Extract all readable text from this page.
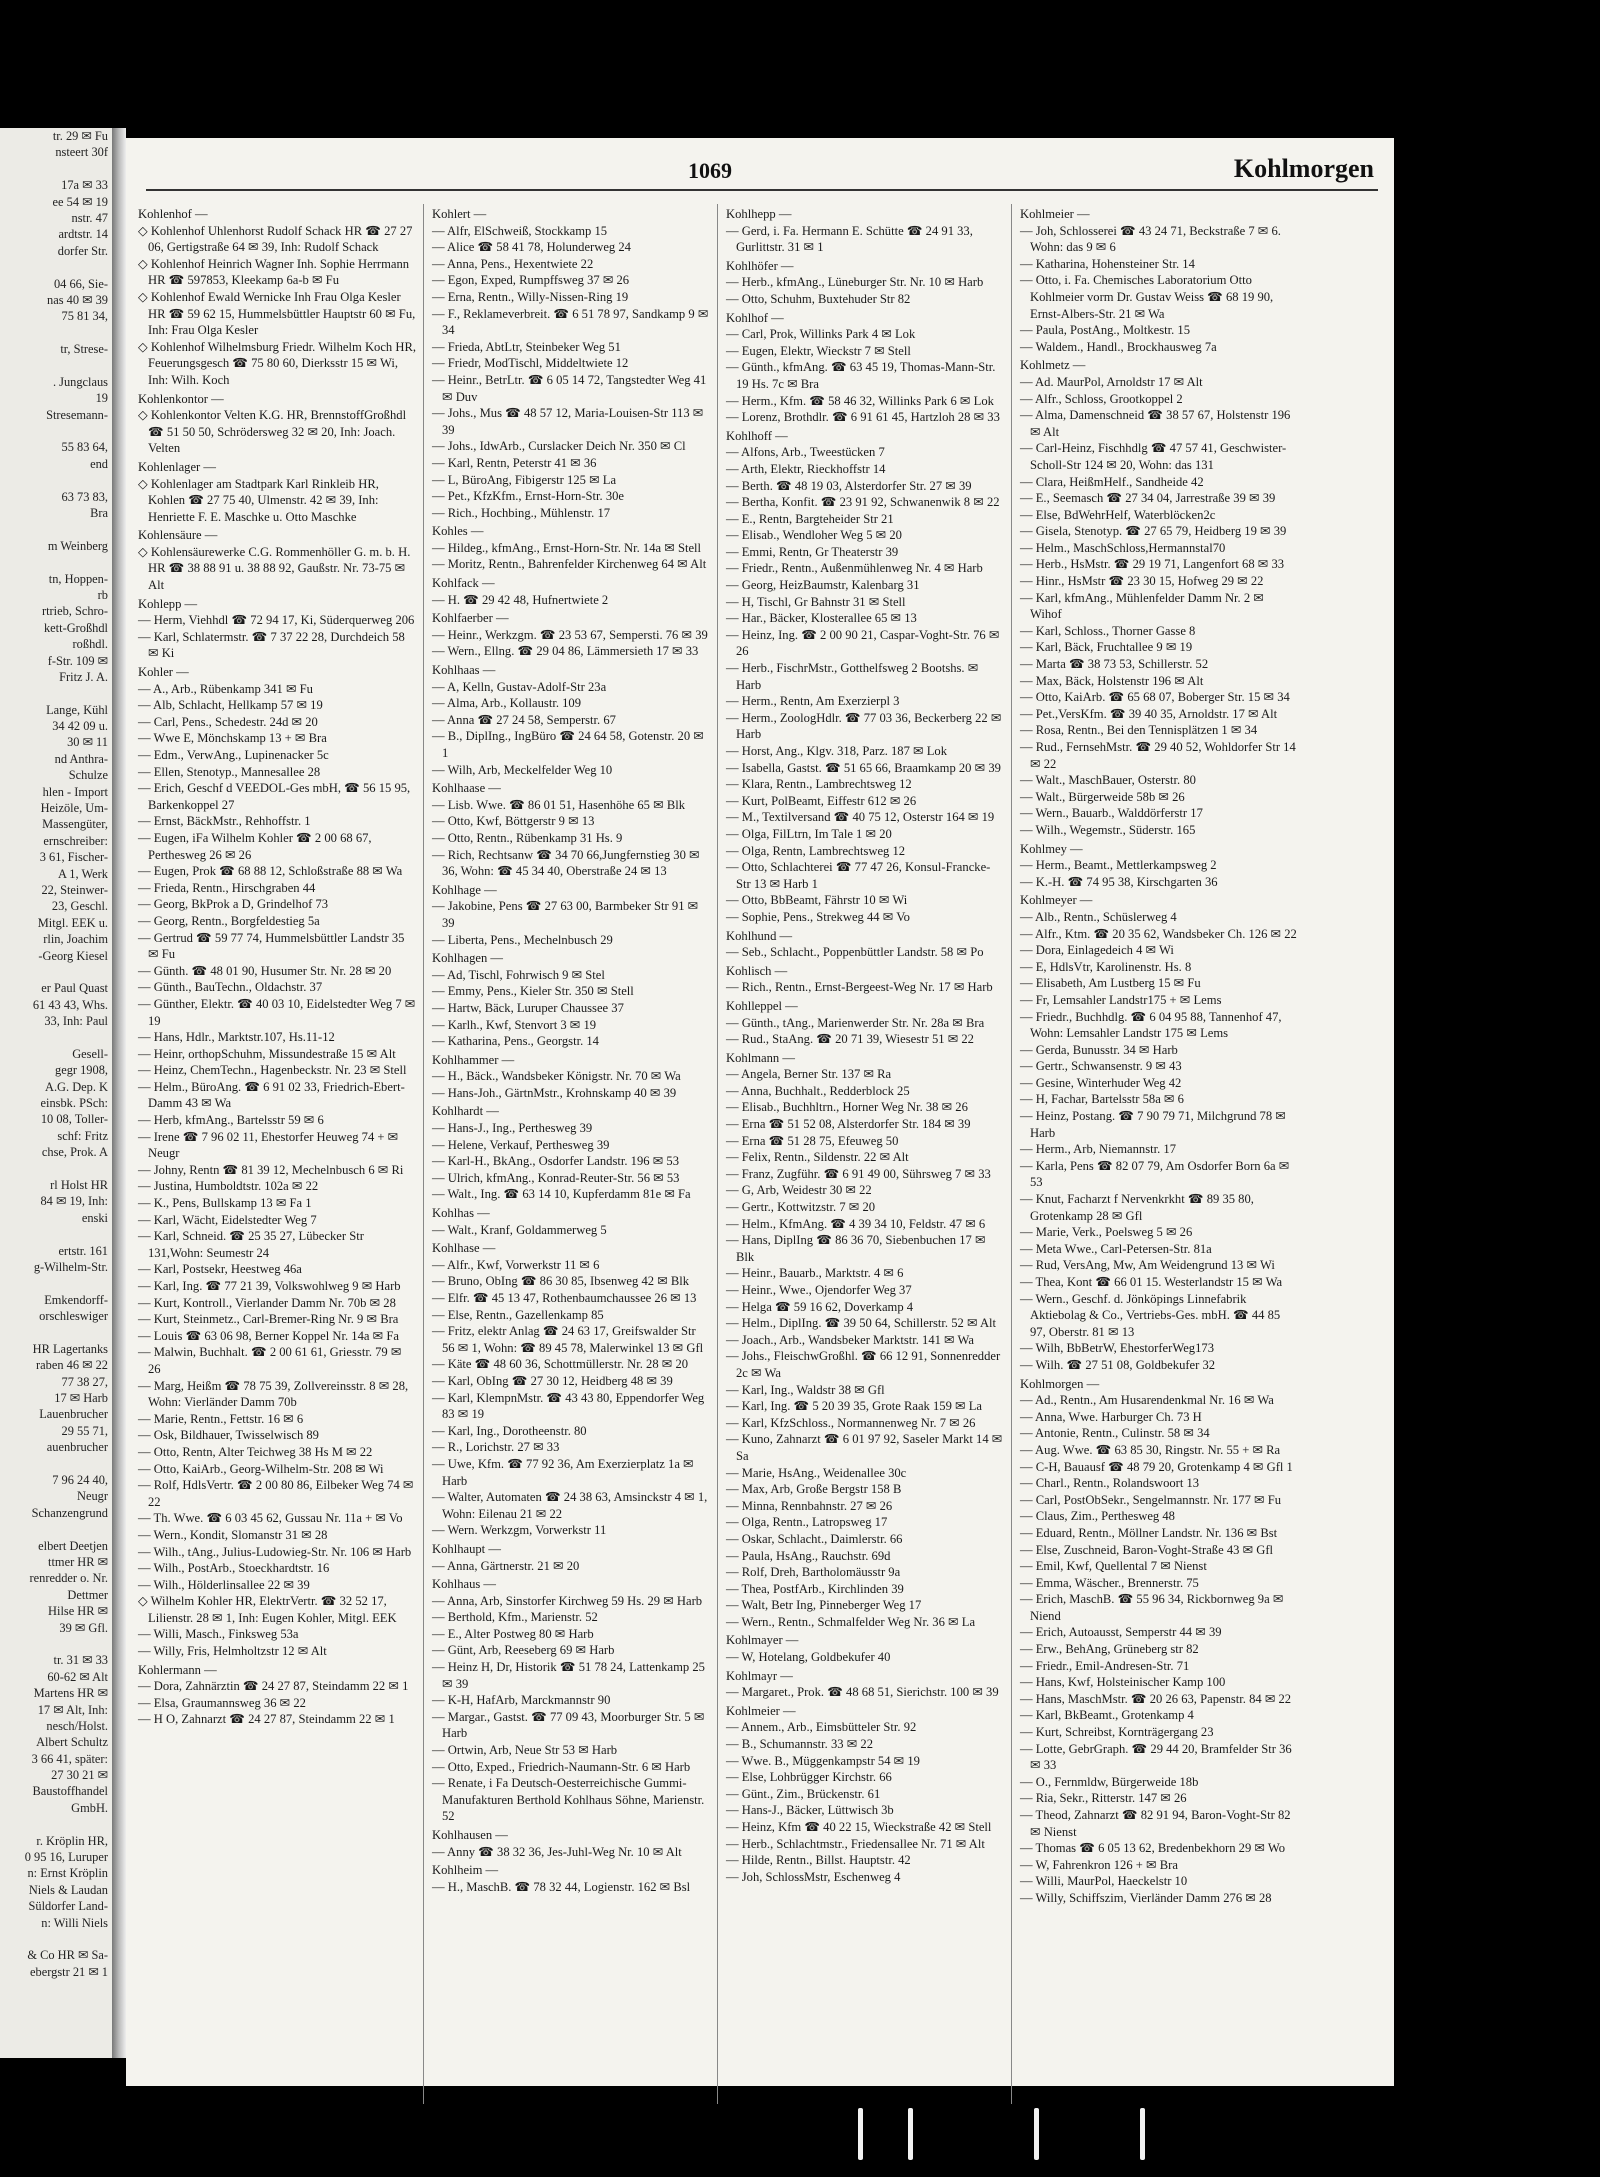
tr. 29 ✉ Fu
nsteert 30f
17a ✉ 33
ee 54 ✉ 19
nstr. 47
ardtstr. 14
dorfer Str.
04 66, Sie-
nas 40 ✉ 39
75 81 34,
tr, Strese-
. Jungclaus
19
Stresemann-
55 83 64,
end
63 73 83,
Bra
m Weinberg
tn, Hoppen-
rb
rtrieb, Schro-
kett-Großhdl
roßhdl.
f-Str. 109 ✉
Fritz J. A.
Lange, Kühl
34 42 09 u.
30 ✉ 11
nd Anthra-
Schulze
hlen - Import
Heizöle, Um-
Massengüter,
ernschreiber:
3 61, Fischer-
A 1, Werk
22, Steinwer-
23, Geschl.
Mitgl. EEK u.
rlin, Joachim
-Georg Kiesel
er Paul Quast
61 43 43, Whs.
33, Inh: Paul
Gesell-
gegr 1908,
A.G. Dep. K
einsbk. PSch:
10 08, Toller-
schf: Fritz
chse, Prok. A
rl Holst HR
84 ✉ 19, Inh:
enski
ertstr. 161
g-Wilhelm-Str.
Emkendorff-
orschleswiger
HR Lagertanks
raben 46 ✉ 22
77 38 27,
17 ✉ Harb
Lauenbrucher
29 55 71,
auenbrucher
7 96 24 40,
Neugr
Schanzengrund
elbert Deetjen
ttmer HR ✉
renredder o. Nr.
Dettmer
Hilse HR ✉
39 ✉ Gfl.
tr. 31 ✉ 33
60-62 ✉ Alt
Martens HR ✉
17 ✉ Alt, Inh:
nesch/Holst.
Albert Schultz
3 66 41, später:
27 30 21 ✉
Baustoffhandel
GmbH.
r. Kröplin HR,
0 95 16, Luruper
n: Ernst Kröplin
Niels & Laudan
Süldorfer Land-
n: Willi Niels
& Co HR ✉ Sa-
ebergstr 21 ✉ 1
1069	Kohlmorgen

Kohlenhof —

◇ Kohlenhof Uhlenhorst Rudolf Schack HR ☎ 27 27 06, Gertigstraße 64 ✉ 39, Inh: Rudolf Schack

◇ Kohlenhof Heinrich Wagner Inh. Sophie Herrmann HR ☎ 597853, Kleekamp 6a-b ✉ Fu

◇ Kohlenhof Ewald Wernicke Inh Frau Olga Kesler HR ☎ 59 62 15, Hummelsbüttler Hauptstr 60 ✉ Fu, Inh: Frau Olga Kesler

◇ Kohlenhof Wilhelmsburg Friedr. Wilhelm Koch HR, Feuerungsgesch ☎ 75 80 60, Dierksstr 15 ✉ Wi, Inh: Wilh. Koch

Kohlenkontor —

◇ Kohlenkontor Velten K.G. HR, BrennstoffGroßhdl ☎ 51 50 50, Schrödersweg 32 ✉ 20, Inh: Joach. Velten

Kohlenlager —

◇ Kohlenlager am Stadtpark Karl Rinkleib HR, Kohlen ☎ 27 75 40, Ulmenstr. 42 ✉ 39, Inh: Henriette F. E. Maschke u. Otto Maschke

Kohlensäure —

◇ Kohlensäurewerke C.G. Rommenhöller G. m. b. H. HR ☎ 38 88 91 u. 38 88 92, Gaußstr. Nr. 73-75 ✉ Alt

Kohlepp —

— Herm, Viehhdl ☎ 72 94 17, Ki, Süderquerweg 206

— Karl, Schlatermstr. ☎ 7 37 22 28, Durchdeich 58 ✉ Ki

Kohler —

— A., Arb., Rübenkamp 341 ✉ Fu

— Alb, Schlacht, Hellkamp 57 ✉ 19

— Carl, Pens., Schedestr. 24d ✉ 20

— Wwe E, Mönchskamp 13 + ✉ Bra

— Edm., VerwAng., Lupinenacker 5c

— Ellen, Stenotyp., Mannesallee 28

— Erich, Geschf d VEEDOL-Ges mbH, ☎ 56 15 95, Barkenkoppel 27

— Ernst, BäckMstr., Rehhoffstr. 1

— Eugen, iFa Wilhelm Kohler ☎ 2 00 68 67, Perthesweg 26 ✉ 26

— Eugen, Prok ☎ 68 88 12, Schloßstraße 88 ✉ Wa

— Frieda, Rentn., Hirschgraben 44

— Georg, BkProk a D, Grindelhof 73

— Georg, Rentn., Borgfeldestieg 5a

— Gertrud ☎ 59 77 74, Hummelsbüttler Landstr 35 ✉ Fu

— Günth. ☎ 48 01 90, Husumer Str. Nr. 28 ✉ 20

— Günth., BauTechn., Oldachstr. 37

— Günther, Elektr. ☎ 40 03 10, Eidelstedter Weg 7 ✉ 19

— Hans, Hdlr., Marktstr.107, Hs.11-12

— Heinr, orthopSchuhm, Missundestraße 15 ✉ Alt

— Heinz, ChemTechn., Hagenbeckstr. Nr. 23 ✉ Stell

— Helm., BüroAng. ☎ 6 91 02 33, Friedrich-Ebert-Damm 43 ✉ Wa

— Herb, kfmAng., Bartelsstr 59 ✉ 6

— Irene ☎ 7 96 02 11, Ehestorfer Heuweg 74 + ✉ Neugr

— Johny, Rentn ☎ 81 39 12, Mechelnbusch 6 ✉ Ri

— Justina, Humboldtstr. 102a ✉ 22

— K., Pens, Bullskamp 13 ✉ Fa 1

— Karl, Wächt, Eidelstedter Weg 7

— Karl, Schneid. ☎ 25 35 27, Lübecker Str 131,Wohn: Seumestr 24

— Karl, Postsekr, Heestweg 46a

— Karl, Ing. ☎ 77 21 39, Volkswohlweg 9 ✉ Harb

— Kurt, Kontroll., Vierlander Damm Nr. 70b ✉ 28

— Kurt, Steinmetz., Carl-Bremer-Ring Nr. 9 ✉ Bra

— Louis ☎ 63 06 98, Berner Koppel Nr. 14a ✉ Fa

— Malwin, Buchhalt. ☎ 2 00 61 61, Griesstr. 79 ✉ 26

— Marg, Heißm ☎ 78 75 39, Zollvereinsstr. 8 ✉ 28, Wohn: Vierländer Damm 70b

— Marie, Rentn., Fettstr. 16 ✉ 6

— Osk, Bildhauer, Twisselwisch 89

— Otto, Rentn, Alter Teichweg 38 Hs M ✉ 22

— Otto, KaiArb., Georg-Wilhelm-Str. 208 ✉ Wi

— Rolf, HdlsVertr. ☎ 2 00 80 86, Eilbeker Weg 74 ✉ 22

— Th. Wwe. ☎ 6 03 45 62, Gussau Nr. 11a + ✉ Vo

— Wern., Kondit, Slomanstr 31 ✉ 28

— Wilh., tAng., Julius-Ludowieg-Str. Nr. 106 ✉ Harb

— Wilh., PostArb., Stoeckhardtstr. 16

— Wilh., Hölderlinsallee 22 ✉ 39

◇ Wilhelm Kohler HR, ElektrVertr. ☎ 32 52 17, Lilienstr. 28 ✉ 1, Inh: Eugen Kohler, Mitgl. EEK

— Willi, Masch., Finksweg 53a

— Willy, Fris, Helmholtzstr 12 ✉ Alt

Kohlermann —

— Dora, Zahnärztin ☎ 24 27 87, Steindamm 22 ✉ 1

— Elsa, Graumannsweg 36 ✉ 22

— H O, Zahnarzt ☎ 24 27 87, Steindamm 22 ✉ 1

Kohlert —

— Alfr, ElSchweiß, Stockkamp 15

— Alice ☎ 58 41 78, Holunderweg 24

— Anna, Pens., Hexentwiete 22

— Egon, Exped, Rumpffsweg 37 ✉ 26

— Erna, Rentn., Willy-Nissen-Ring 19

— F., Reklameverbreit. ☎ 6 51 78 97, Sandkamp 9 ✉ 34

— Frieda, AbtLtr, Steinbeker Weg 51

— Friedr, ModTischl, Middeltwiete 12

— Heinr., BetrLtr. ☎ 6 05 14 72, Tangstedter Weg 41 ✉ Duv

— Johs., Mus ☎ 48 57 12, Maria-Louisen-Str 113 ✉ 39

— Johs., IdwArb., Curslacker Deich Nr. 350 ✉ Cl

— Karl, Rentn, Peterstr 41 ✉ 36

— L, BüroAng, Fibigerstr 125 ✉ La

— Pet., KfzKfm., Ernst-Horn-Str. 30e

— Rich., Hochbing., Mühlenstr. 17

Kohles —

— Hildeg., kfmAng., Ernst-Horn-Str. Nr. 14a ✉ Stell

— Moritz, Rentn., Bahrenfelder Kirchenweg 64 ✉ Alt

Kohlfack —

— H. ☎ 29 42 48, Hufnertwiete 2

Kohlfaerber —

— Heinr., Werkzgm. ☎ 23 53 67, Sempersti. 76 ✉ 39

— Wern., Ellng. ☎ 29 04 86, Lämmersieth 17 ✉ 33

Kohlhaas —

— A, Kelln, Gustav-Adolf-Str 23a

— Alma, Arb., Kollaustr. 109

— Anna ☎ 27 24 58, Semperstr. 67

— B., DiplIng., IngBüro ☎ 24 64 58, Gotenstr. 20 ✉ 1

— Wilh, Arb, Meckelfelder Weg 10

Kohlhaase —

— Lisb. Wwe. ☎ 86 01 51, Hasenhöhe 65 ✉ Blk

— Otto, Kwf, Böttgerstr 9 ✉ 13

— Otto, Rentn., Rübenkamp 31 Hs. 9

— Rich, Rechtsanw ☎ 34 70 66,Jungfernstieg 30 ✉ 36, Wohn: ☎ 45 34 40, Oberstraße 24 ✉ 13

Kohlhage —

— Jakobine, Pens ☎ 27 63 00, Barmbeker Str 91 ✉ 39

— Liberta, Pens., Mechelnbusch 29

Kohlhagen —

— Ad, Tischl, Fohrwisch 9 ✉ Stel

— Emmy, Pens., Kieler Str. 350 ✉ Stell

— Hartw, Bäck, Luruper Chaussee 37

— Karlh., Kwf, Stenvort 3 ✉ 19

— Katharina, Pens., Georgstr. 14

Kohlhammer —

— H., Bäck., Wandsbeker Königstr. Nr. 70 ✉ Wa

— Hans-Joh., GärtnMstr., Krohnskamp 40 ✉ 39

Kohlhardt —

— Hans-J., Ing., Perthesweg 39

— Helene, Verkauf, Perthesweg 39

— Karl-H., BkAng., Osdorfer Landstr. 196 ✉ 53

— Ulrich, kfmAng., Konrad-Reuter-Str. 56 ✉ 53

— Walt., Ing. ☎ 63 14 10, Kupferdamm 81e ✉ Fa

Kohlhas —

— Walt., Kranf, Goldammerweg 5

Kohlhase —

— Alfr., Kwf, Vorwerkstr 11 ✉ 6

— Bruno, ObIng ☎ 86 30 85, Ibsenweg 42 ✉ Blk

— Elfr. ☎ 45 13 47, Rothenbaumchaussee 26 ✉ 13

— Else, Rentn., Gazellenkamp 85

— Fritz, elektr Anlag ☎ 24 63 17, Greifswalder Str 56 ✉ 1, Wohn: ☎ 89 45 78, Malerwinkel 13 ✉ Gfl

— Käte ☎ 48 60 36, Schottmüllerstr. Nr. 28 ✉ 20

— Karl, ObIng ☎ 27 30 12, Heidberg 48 ✉ 39

— Karl, KlempnMstr. ☎ 43 43 80, Eppendorfer Weg 83 ✉ 19

— Karl, Ing., Dorotheenstr. 80

— R., Lorichstr. 27 ✉ 33

— Uwe, Kfm. ☎ 77 92 36, Am Exerzierplatz 1a ✉ Harb

— Walter, Automaten ☎ 24 38 63, Amsinckstr 4 ✉ 1, Wohn: Eilenau 21 ✉ 22

— Wern. Werkzgm, Vorwerkstr 11

Kohlhaupt —

— Anna, Gärtnerstr. 21 ✉ 20

Kohlhaus —

— Anna, Arb, Sinstorfer Kirchweg 59 Hs. 29 ✉ Harb

— Berthold, Kfm., Marienstr. 52

— E., Alter Postweg 80 ✉ Harb

— Günt, Arb, Reeseberg 69 ✉ Harb

— Heinz H, Dr, Historik ☎ 51 78 24, Lattenkamp 25 ✉ 39

— K-H, HafArb, Marckmannstr 90

— Margar., Gastst. ☎ 77 09 43, Moorburger Str. 5 ✉ Harb

— Ortwin, Arb, Neue Str 53 ✉ Harb

— Otto, Exped., Friedrich-Naumann-Str. 6 ✉ Harb

— Renate, i Fa Deutsch-Oesterreichische Gummi-Manufakturen Berthold Kohlhaus Söhne, Marienstr. 52

Kohlhausen —

— Anny ☎ 38 32 36, Jes-Juhl-Weg Nr. 10 ✉ Alt

Kohlheim —

— H., MaschB. ☎ 78 32 44, Logienstr. 162 ✉ Bsl

Kohlhepp —

— Gerd, i. Fa. Hermann E. Schütte ☎ 24 91 33, Gurlittstr. 31 ✉ 1

Kohlhöfer —

— Herb., kfmAng., Lüneburger Str. Nr. 10 ✉ Harb

— Otto, Schuhm, Buxtehuder Str 82

Kohlhof —

— Carl, Prok, Willinks Park 4 ✉ Lok

— Eugen, Elektr, Wieckstr 7 ✉ Stell

— Günth., kfmAng. ☎ 63 45 19, Thomas-Mann-Str. 19 Hs. 7c ✉ Bra

— Herm., Kfm. ☎ 58 46 32, Willinks Park 6 ✉ Lok

— Lorenz, Brothdlr. ☎ 6 91 61 45, Hartzloh 28 ✉ 33

Kohlhoff —

— Alfons, Arb., Tweestücken 7

— Arth, Elektr, Rieckhoffstr 14

— Berth. ☎ 48 19 03, Alsterdorfer Str. 27 ✉ 39

— Bertha, Konfit. ☎ 23 91 92, Schwanenwik 8 ✉ 22

— E., Rentn, Bargteheider Str 21

— Elisab., Wendloher Weg 5 ✉ 20

— Emmi, Rentn, Gr Theaterstr 39

— Friedr., Rentn., Außenmühlenweg Nr. 4 ✉ Harb

— Georg, HeizBaumstr, Kalenbarg 31

— H, Tischl, Gr Bahnstr 31 ✉ Stell

— Har., Bäcker, Klosterallee 65 ✉ 13

— Heinz, Ing. ☎ 2 00 90 21, Caspar-Voght-Str. 76 ✉ 26

— Herb., FischrMstr., Gotthelfsweg 2 Bootshs. ✉ Harb

— Herm., Rentn, Am Exerzierpl 3

— Herm., ZoologHdlr. ☎ 77 03 36, Beckerberg 22 ✉ Harb

— Horst, Ang., Klgv. 318, Parz. 187 ✉ Lok

— Isabella, Gastst. ☎ 51 65 66, Braamkamp 20 ✉ 39

— Klara, Rentn., Lambrechtsweg 12

— Kurt, PolBeamt, Eiffestr 612 ✉ 26

— M., Textilversand ☎ 40 75 12, Osterstr 164 ✉ 19

— Olga, FilLtrn, Im Tale 1 ✉ 20

— Olga, Rentn, Lambrechtsweg 12

— Otto, Schlachterei ☎ 77 47 26, Konsul-Francke-Str 13 ✉ Harb 1

— Otto, BbBeamt, Fährstr 10 ✉ Wi

— Sophie, Pens., Strekweg 44 ✉ Vo

Kohlhund —

— Seb., Schlacht., Poppenbüttler Landstr. 58 ✉ Po

Kohlisch —

— Rich., Rentn., Ernst-Bergeest-Weg Nr. 17 ✉ Harb

Kohlleppel —

— Günth., tAng., Marienwerder Str. Nr. 28a ✉ Bra

— Rud., StaAng. ☎ 20 71 39, Wiesestr 51 ✉ 22

Kohlmann —

— Angela, Berner Str. 137 ✉ Ra

— Anna, Buchhalt., Redderblock 25

— Elisab., Buchhltrn., Horner Weg Nr. 38 ✉ 26

— Erna ☎ 51 52 08, Alsterdorfer Str. 184 ✉ 39

— Erna ☎ 51 28 75, Efeuweg 50

— Felix, Rentn., Sildenstr. 22 ✉ Alt

— Franz, Zugführ. ☎ 6 91 49 00, Sührsweg 7 ✉ 33

— G, Arb, Weidestr 30 ✉ 22

— Gertr., Kottwitzstr. 7 ✉ 20

— Helm., KfmAng. ☎ 4 39 34 10, Feldstr. 47 ✉ 6

— Hans, DiplIng ☎ 86 36 70, Siebenbuchen 17 ✉ Blk

— Heinr., Bauarb., Marktstr. 4 ✉ 6

— Heinr., Wwe., Ojendorfer Weg 37

— Helga ☎ 59 16 62, Doverkamp 4

— Helm., DiplIng. ☎ 39 50 64, Schillerstr. 52 ✉ Alt

— Joach., Arb., Wandsbeker Marktstr. 141 ✉ Wa

— Johs., FleischwGroßhl. ☎ 66 12 91, Sonnenredder 2c ✉ Wa

— Karl, Ing., Waldstr 38 ✉ Gfl

— Karl, Ing. ☎ 5 20 39 35, Grote Raak 159 ✉ La

— Karl, KfzSchloss., Normannenweg Nr. 7 ✉ 26

— Kuno, Zahnarzt ☎ 6 01 97 92, Saseler Markt 14 ✉ Sa

— Marie, HsAng., Weidenallee 30c

— Max, Arb, Große Bergstr 158 B

— Minna, Rennbahnstr. 27 ✉ 26

— Olga, Rentn., Latropsweg 17

— Oskar, Schlacht., Daimlerstr. 66

— Paula, HsAng., Rauchstr. 69d

— Rolf, Dreh, Bartholomäusstr 9a

— Thea, PostfArb., Kirchlinden 39

— Walt, Betr Ing, Pinneberger Weg 17

— Wern., Rentn., Schmalfelder Weg Nr. 36 ✉ La

Kohlmayer —

— W, Hotelang, Goldbekufer 40

Kohlmayr —

— Margaret., Prok. ☎ 48 68 51, Sierichstr. 100 ✉ 39

Kohlmeier —

— Annem., Arb., Eimsbütteler Str. 92

— B., Schumannstr. 33 ✉ 22

— Wwe. B., Müggenkampstr 54 ✉ 19

— Else, Lohbrügger Kirchstr. 66

— Günt., Zim., Brückenstr. 61

— Hans-J., Bäcker, Lüttwisch 3b

— Heinz, Kfm ☎ 40 22 15, Wieckstraße 42 ✉ Stell

— Herb., Schlachtmstr., Friedensallee Nr. 71 ✉ Alt

— Hilde, Rentn., Billst. Hauptstr. 42

— Joh, SchlossMstr, Eschenweg 4

Kohlmeier —

— Joh, Schlosserei ☎ 43 24 71, Beckstraße 7 ✉ 6. Wohn: das 9 ✉ 6

— Katharina, Hohensteiner Str. 14

— Otto, i. Fa. Chemisches Laboratorium Otto Kohlmeier vorm Dr. Gustav Weiss ☎ 68 19 90, Ernst-Albers-Str. 21 ✉ Wa

— Paula, PostAng., Moltkestr. 15

— Waldem., Handl., Brockhausweg 7a

Kohlmetz —

— Ad. MaurPol, Arnoldstr 17 ✉ Alt

— Alfr., Schloss, Grootkoppel 2

— Alma, Damenschneid ☎ 38 57 67, Holstenstr 196 ✉ Alt

— Carl-Heinz, Fischhdlg ☎ 47 57 41, Geschwister-Scholl-Str 124 ✉ 20, Wohn: das 131

— Clara, HeißmHelf., Sandheide 42

— E., Seemasch ☎ 27 34 04, Jarrestraße 39 ✉ 39

— Else, BdWehrHelf, Waterblöcken2c

— Gisela, Stenotyp. ☎ 27 65 79, Heidberg 19 ✉ 39

— Helm., MaschSchloss,Hermannstal70

— Herb., HsMstr. ☎ 29 19 71, Langenfort 68 ✉ 33

— Hinr., HsMstr ☎ 23 30 15, Hofweg 29 ✉ 22

— Karl, kfmAng., Mühlenfelder Damm Nr. 2 ✉ Wihof

— Karl, Schloss., Thorner Gasse 8

— Karl, Bäck, Fruchtallee 9 ✉ 19

— Marta ☎ 38 73 53, Schillerstr. 52

— Max, Bäck, Holstenstr 196 ✉ Alt

— Otto, KaiArb. ☎ 65 68 07, Boberger Str. 15 ✉ 34

— Pet.,VersKfm. ☎ 39 40 35, Arnoldstr. 17 ✉ Alt

— Rosa, Rentn., Bei den Tennisplätzen 1 ✉ 34

— Rud., FernsehMstr. ☎ 29 40 52, Wohldorfer Str 14 ✉ 22

— Walt., MaschBauer, Osterstr. 80

— Walt., Bürgerweide 58b ✉ 26

— Wern., Bauarb., Walddörferstr 17

— Wilh., Wegemstr., Süderstr. 165

Kohlmey —

— Herm., Beamt., Mettlerkampsweg 2

— K.-H. ☎ 74 95 38, Kirschgarten 36

Kohlmeyer —

— Alb., Rentn., Schüslerweg 4

— Alfr., Ktm. ☎ 20 35 62, Wandsbeker Ch. 126 ✉ 22

— Dora, Einlagedeich 4 ✉ Wi

— E, HdlsVtr, Karolinenstr. Hs. 8

— Elisabeth, Am Lustberg 15 ✉ Fu

— Fr, Lemsahler Landstr175 + ✉ Lems

— Friedr., Buchhdlg. ☎ 6 04 95 88, Tannenhof 47, Wohn: Lemsahler Landstr 175 ✉ Lems

— Gerda, Bunusstr. 34 ✉ Harb

— Gertr., Schwansenstr. 9 ✉ 43

— Gesine, Winterhuder Weg 42

— H, Fachar, Bartelsstr 58a ✉ 6

— Heinz, Postang. ☎ 7 90 79 71, Milchgrund 78 ✉ Harb

— Herm., Arb, Niemannstr. 17

— Karla, Pens ☎ 82 07 79, Am Osdorfer Born 6a ✉ 53

— Knut, Facharzt f Nervenkrkht ☎ 89 35 80, Grotenkamp 28 ✉ Gfl

— Marie, Verk., Poelsweg 5 ✉ 26

— Meta Wwe., Carl-Petersen-Str. 81a

— Rud, VersAng, Mw, Am Weidengrund 13 ✉ Wi

— Thea, Kont ☎ 66 01 15. Westerlandstr 15 ✉ Wa

— Wern., Geschf. d. Jönköpings Linnefabrik Aktiebolag & Co., Vertriebs-Ges. mbH. ☎ 44 85 97, Oberstr. 81 ✉ 13

— Wilh, BbBetrW, EhestorferWeg173

— Wilh. ☎ 27 51 08, Goldbekufer 32

Kohlmorgen —

— Ad., Rentn., Am Husarendenkmal Nr. 16 ✉ Wa

— Anna, Wwe. Harburger Ch. 73 H

— Antonie, Rentn., Culinstr. 58 ✉ 34

— Aug. Wwe. ☎ 63 85 30, Ringstr. Nr. 55 + ✉ Ra

— C-H, Bauausf ☎ 48 79 20, Grotenkamp 4 ✉ Gfl 1

— Charl., Rentn., Rolandswoort 13

— Carl, PostObSekr., Sengelmannstr. Nr. 177 ✉ Fu

— Claus, Zim., Perthesweg 48

— Eduard, Rentn., Möllner Landstr. Nr. 136 ✉ Bst

— Else, Zuschneid, Baron-Voght-Straße 43 ✉ Gfl

— Emil, Kwf, Quellental 7 ✉ Nienst

— Emma, Wäscher., Brennerstr. 75

— Erich, MaschB. ☎ 55 96 34, Rickbornweg 9a ✉ Niend

— Erich, Autoausst, Semperstr 44 ✉ 39

— Erw., BehAng, Grüneberg str 82

— Friedr., Emil-Andresen-Str. 71

— Hans, Kwf, Holsteinischer Kamp 100

— Hans, MaschMstr. ☎ 20 26 63, Papenstr. 84 ✉ 22

— Karl, BkBeamt., Grotenkamp 4

— Kurt, Schreibst, Kornträgergang 23

— Lotte, GebrGraph. ☎ 29 44 20, Bramfelder Str 36 ✉ 33

— O., Fernmldw, Bürgerweide 18b

— Ria, Sekr., Ritterstr. 147 ✉ 26

— Theod, Zahnarzt ☎ 82 91 94, Baron-Voght-Str 82 ✉ Nienst

— Thomas ☎ 6 05 13 62, Bredenbekhorn 29 ✉ Wo

— W, Fahrenkron 126 + ✉ Bra

— Willi, MaurPol, Haeckelstr 10

— Willy, Schiffszim, Vierländer Damm 276 ✉ 28
